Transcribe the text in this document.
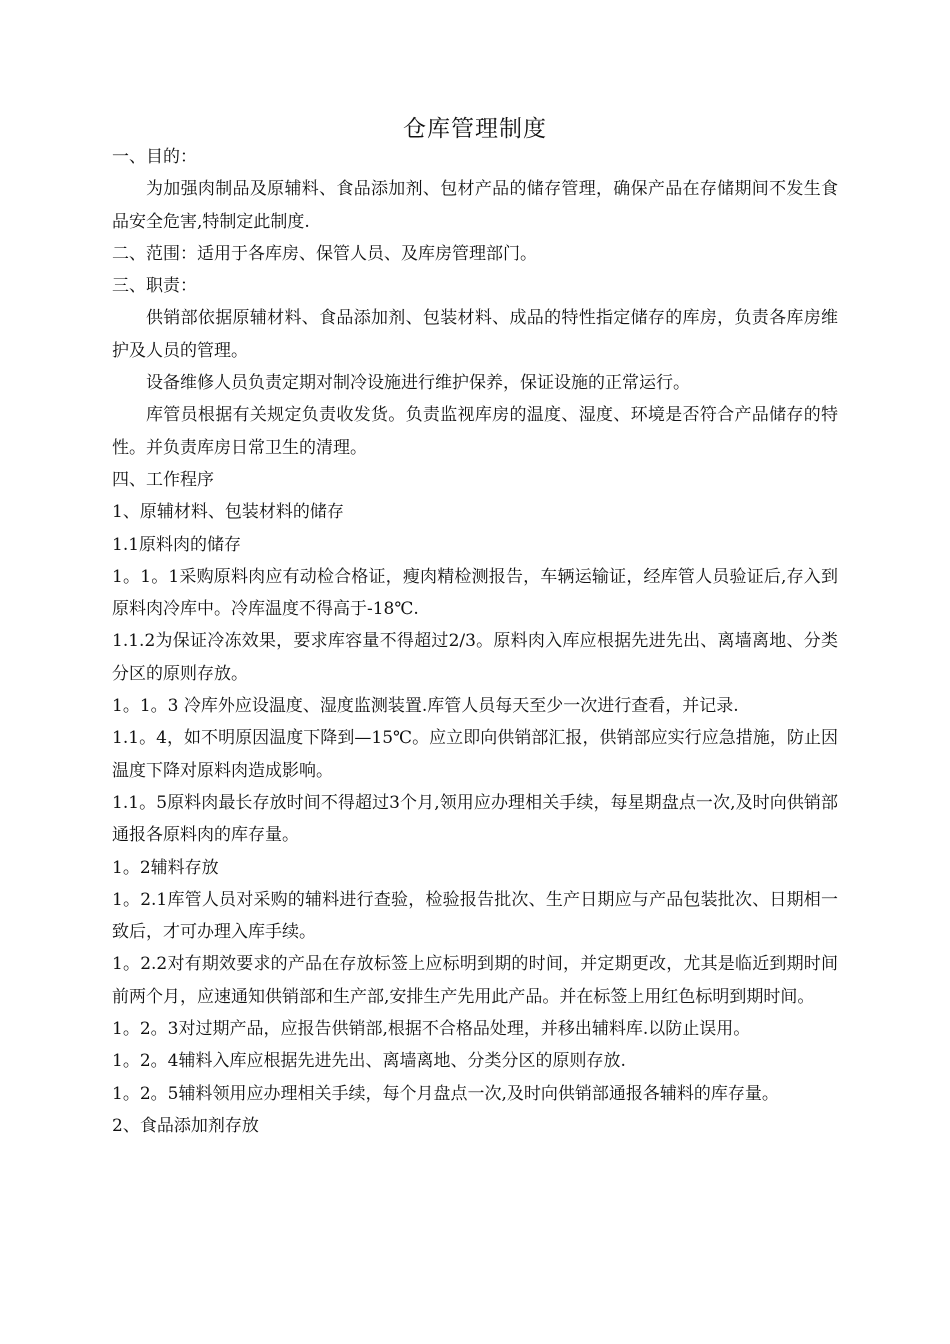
仓库管理制度

一、目的：

为加强肉制品及原辅料、食品添加剂、包材产品的储存管理，确保产品在存储期间不发生食品安全危害,特制定此制度.

二、范围：适用于各库房、保管人员、及库房管理部门。

三、职责：

供销部依据原辅材料、食品添加剂、包装材料、成品的特性指定储存的库房，负责各库房维护及人员的管理。

设备维修人员负责定期对制冷设施进行维护保养，保证设施的正常运行。

库管员根据有关规定负责收发货。负责监视库房的温度、湿度、环境是否符合产品储存的特性。并负责库房日常卫生的清理。

四、工作程序

1、原辅材料、包装材料的储存

1.1原料肉的储存

1。1。1采购原料肉应有动检合格证，瘦肉精检测报告，车辆运输证，经库管人员验证后,存入到原料肉冷库中。冷库温度不得高于-18℃.

1.1.2为保证冷冻效果，要求库容量不得超过2/3。原料肉入库应根据先进先出、离墙离地、分类分区的原则存放。

1。1。3 冷库外应设温度、湿度监测装置.库管人员每天至少一次进行查看，并记录.

1.1。4，如不明原因温度下降到—15℃。应立即向供销部汇报，供销部应实行应急措施，防止因温度下降对原料肉造成影响。

1.1。5原料肉最长存放时间不得超过3个月,领用应办理相关手续，每星期盘点一次,及时向供销部通报各原料肉的库存量。

1。2辅料存放

1。2.1库管人员对采购的辅料进行查验，检验报告批次、生产日期应与产品包装批次、日期相一致后，才可办理入库手续。

1。2.2对有期效要求的产品在存放标签上应标明到期的时间，并定期更改，尤其是临近到期时间前两个月，应速通知供销部和生产部,安排生产先用此产品。并在标签上用红色标明到期时间。

1。2。3对过期产品，应报告供销部,根据不合格品处理，并移出辅料库.以防止误用。

1。2。4辅料入库应根据先进先出、离墙离地、分类分区的原则存放.

1。2。5辅料领用应办理相关手续，每个月盘点一次,及时向供销部通报各辅料的库存量。

2、食品添加剂存放
